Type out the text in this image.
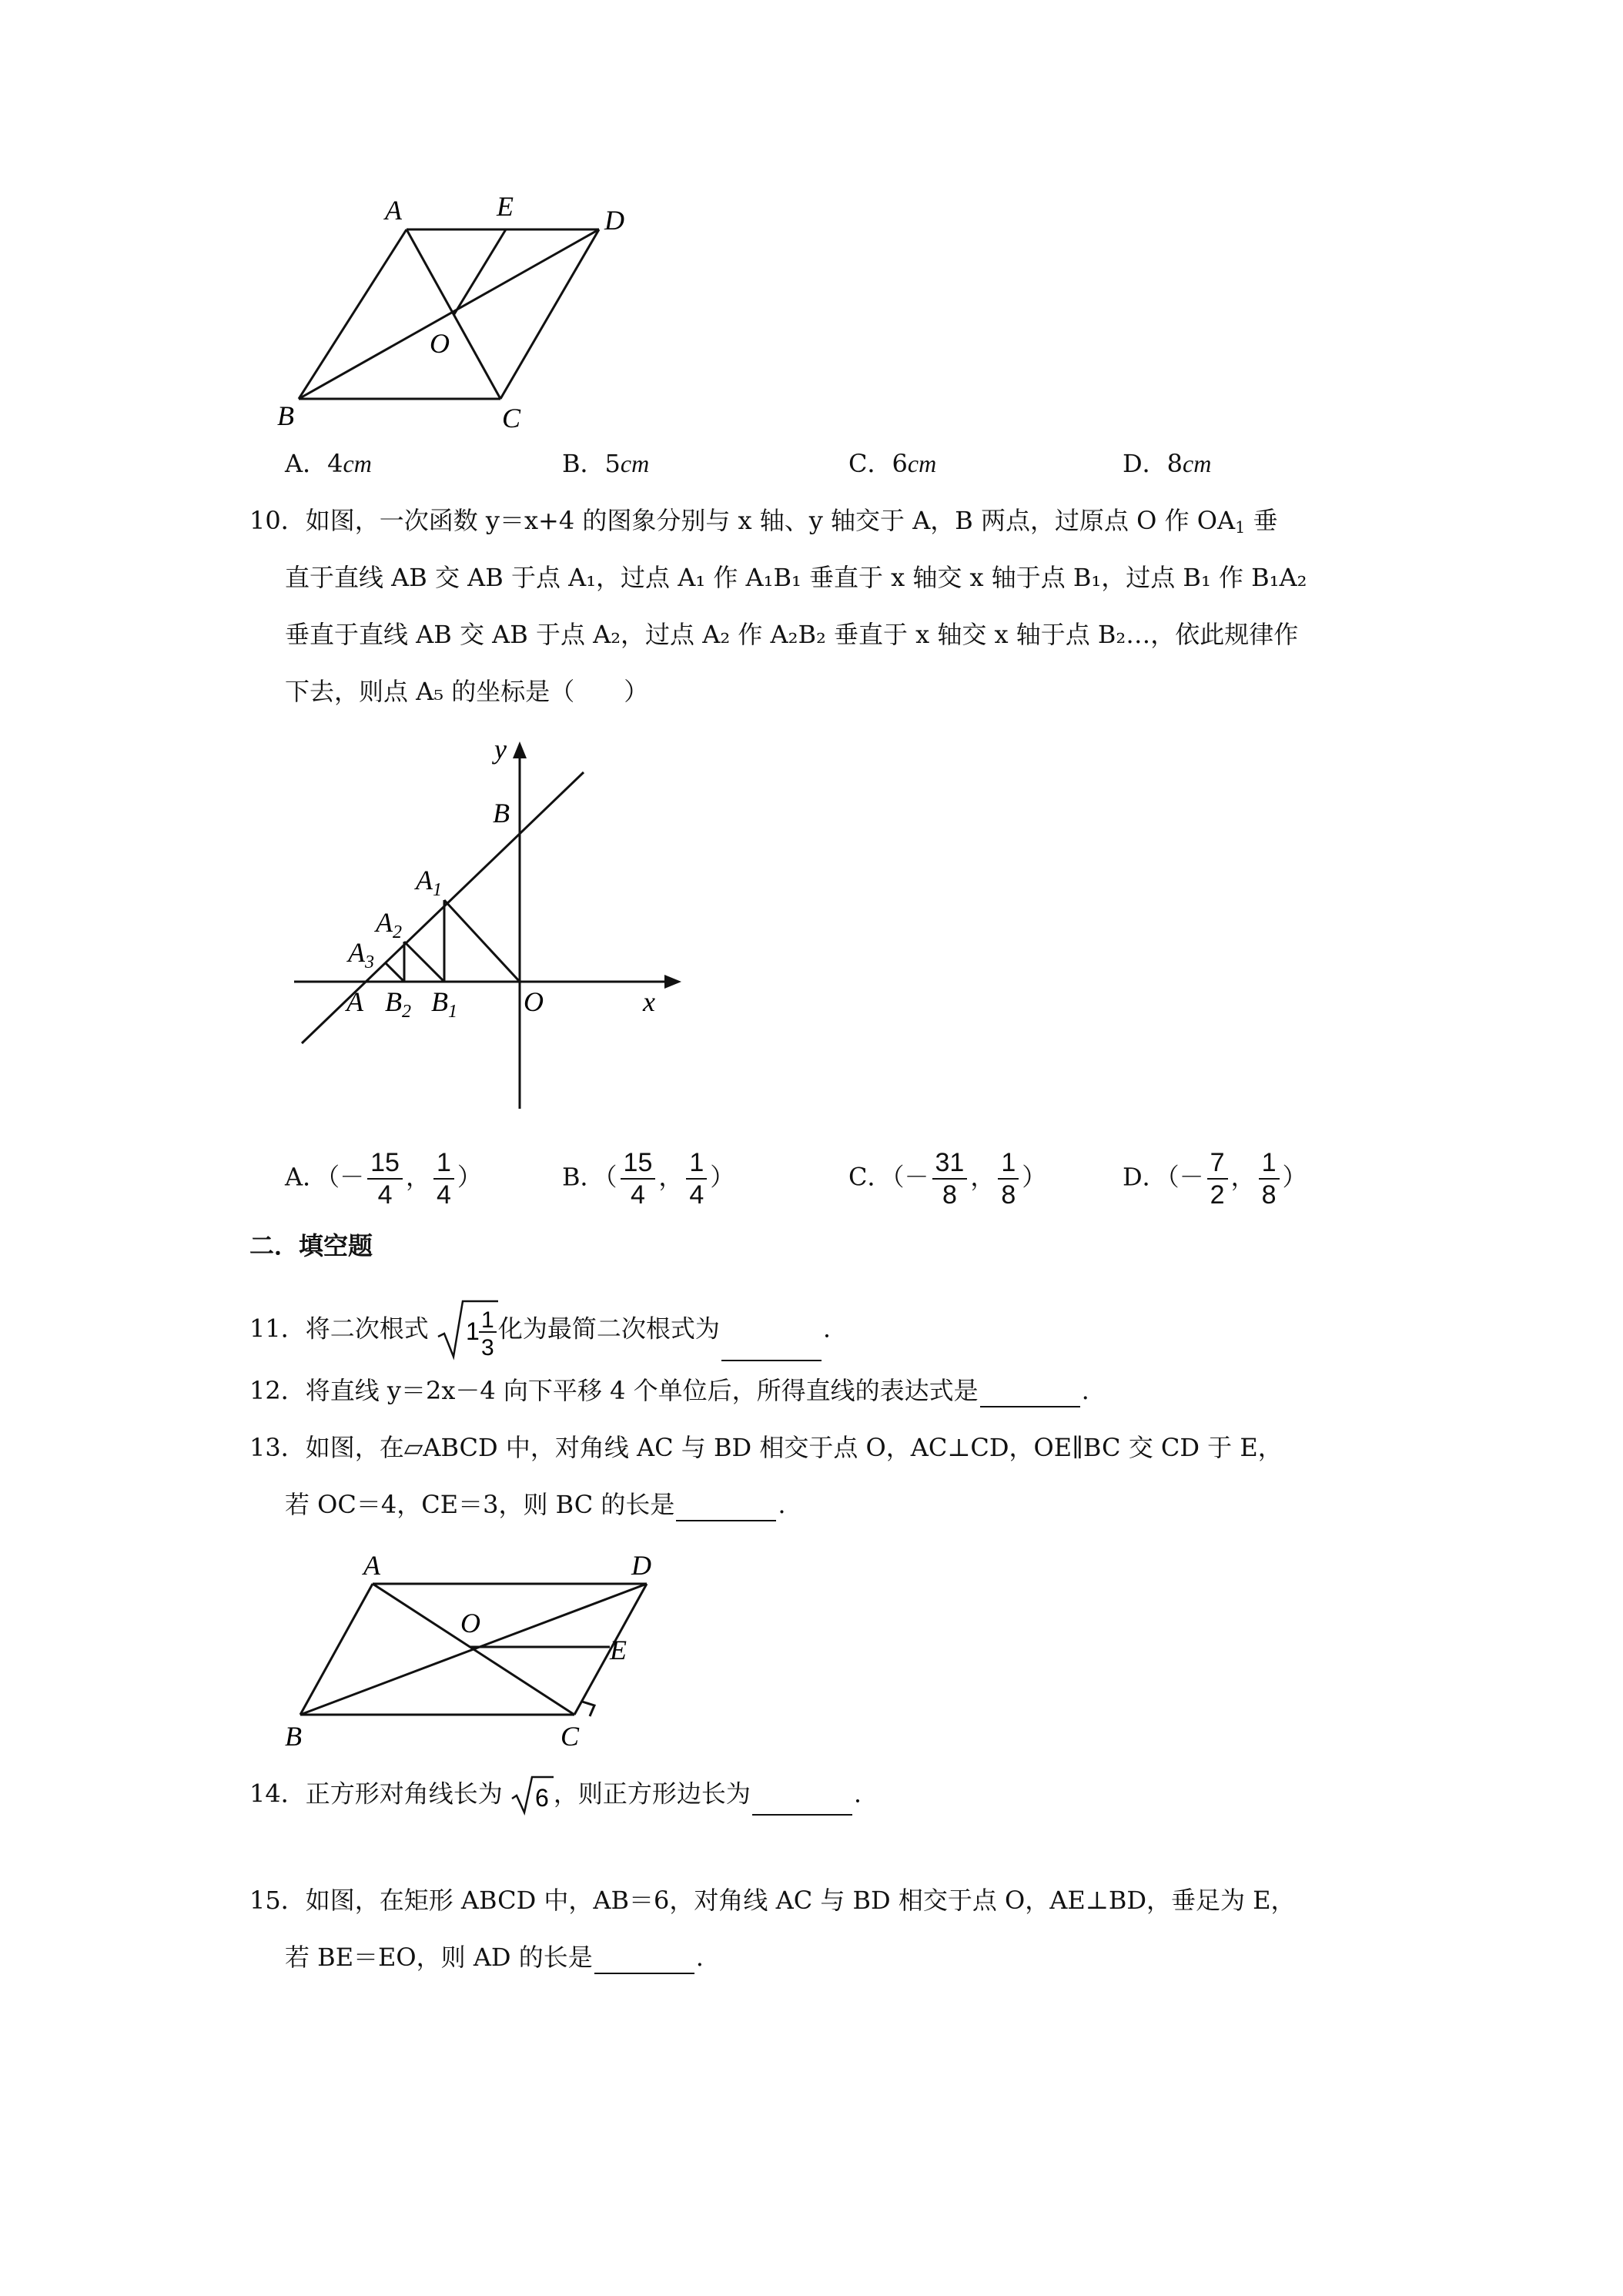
A	E	D
O
B	C
A．4cm	B．5cm	C．6cm	D．8cm
10．如图，一次函数 y＝x+4 的图象分别与 x 轴、y 轴交于 A，B 两点，过原点 O 作 $OA_1$ 垂
直于直线 AB 交 AB 于点 A₁，过点 A₁ 作 A₁B₁ 垂直于 x 轴交 x 轴于点 B₁，过点 B₁ 作 B₁A₂
垂直于直线 AB 交 AB 于点 A₂，过点 A₂ 作 A₂B₂ 垂直于 x 轴交 x 轴于点 B₂…，依此规律作
下去，则点 A₅ 的坐标是（　　）
y
B
$A_1$
$A_2$
$A_3$
A $B_2$ $B_1$ O	x
A．（－ $\frac{15}{4}$ ， $\frac{1}{4}$ ）	B．（ $\frac{15}{4}$ ， $\frac{1}{4}$ ）	C．（－ $\frac{31}{8}$ ， $\frac{1}{8}$ ）	D．（－ $\frac{7}{2}$ ， $\frac{1}{8}$ ）
二．填空题
11．将二次根式 1 1
3
化为最简二次根式为	.
12．将直线 y＝2x－4 向下平移 4 个单位后，所得直线的表达式是	.
13．如图，在▱ABCD 中，对角线 AC 与 BD 相交于点 O，AC⊥CD，OE∥BC 交 CD 于 E，
若 OC＝4，CE＝3，则 BC 的长是	.
A	D
O
E
B	C
14．正方形对角线长为 6 ，则正方形边长为	.
15．如图，在矩形 ABCD 中，AB＝6，对角线 AC 与 BD 相交于点 O，AE⊥BD，垂足为 E，
若 BE＝EO，则 AD 的长是	.
